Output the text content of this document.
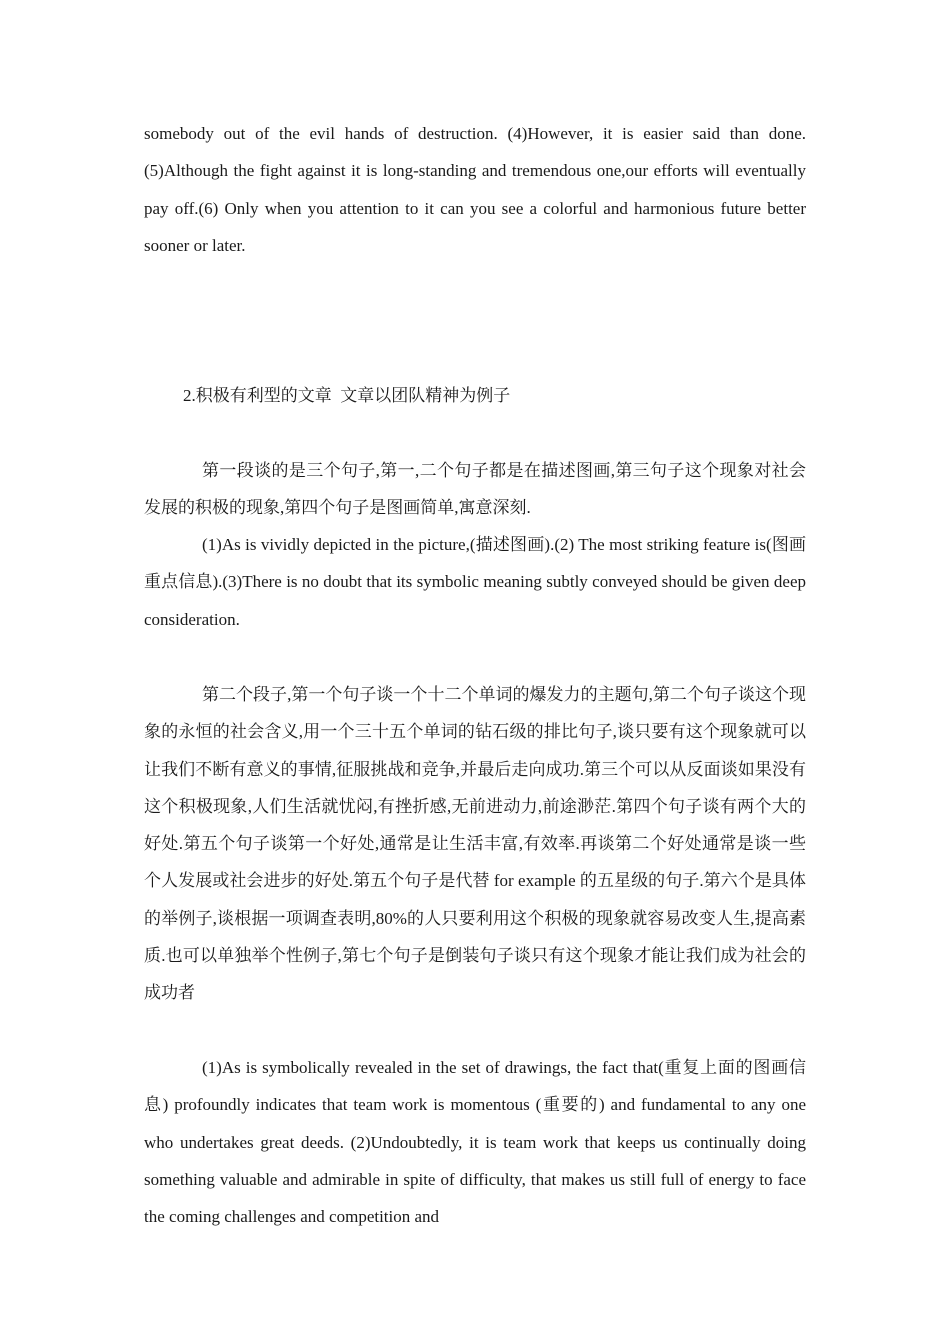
somebody out of the evil hands of destruction. (4)However, it is easier said than done. (5)Although the fight against it is long-standing and tremendous one,our efforts will eventually pay off.(6) Only when you attention to it can you see a colorful and harmonious future better sooner or later.

2.积极有利型的文章  文章以团队精神为例子

第一段谈的是三个句子,第一,二个句子都是在描述图画,第三句子这个现象对社会发展的积极的现象,第四个句子是图画简单,寓意深刻.

(1)As is vividly depicted in the picture,(描述图画).(2) The most striking feature is(图画重点信息).(3)There is no doubt that its symbolic meaning subtly conveyed should be given deep consideration.

第二个段子,第一个句子谈一个十二个单词的爆发力的主题句,第二个句子谈这个现象的永恒的社会含义,用一个三十五个单词的钻石级的排比句子,谈只要有这个现象就可以让我们不断有意义的事情,征服挑战和竞争,并最后走向成功.第三个可以从反面谈如果没有这个积极现象,人们生活就忧闷,有挫折感,无前进动力,前途渺茫.第四个句子谈有两个大的好处.第五个句子谈第一个好处,通常是让生活丰富,有效率.再谈第二个好处通常是谈一些个人发展或社会进步的好处.第五个句子是代替 for example 的五星级的句子.第六个是具体的举例子,谈根据一项调查表明,80%的人只要利用这个积极的现象就容易改变人生,提高素质.也可以单独举个性例子,第七个句子是倒装句子谈只有这个现象才能让我们成为社会的成功者

(1)As is symbolically revealed in the set of drawings, the fact that(重复上面的图画信息) profoundly indicates that team work is momentous (重要的) and fundamental to any one who undertakes great deeds. (2)Undoubtedly, it is team work that keeps us continually doing something valuable and admirable in spite of difficulty, that makes us still full of energy to face the coming challenges and competition and
